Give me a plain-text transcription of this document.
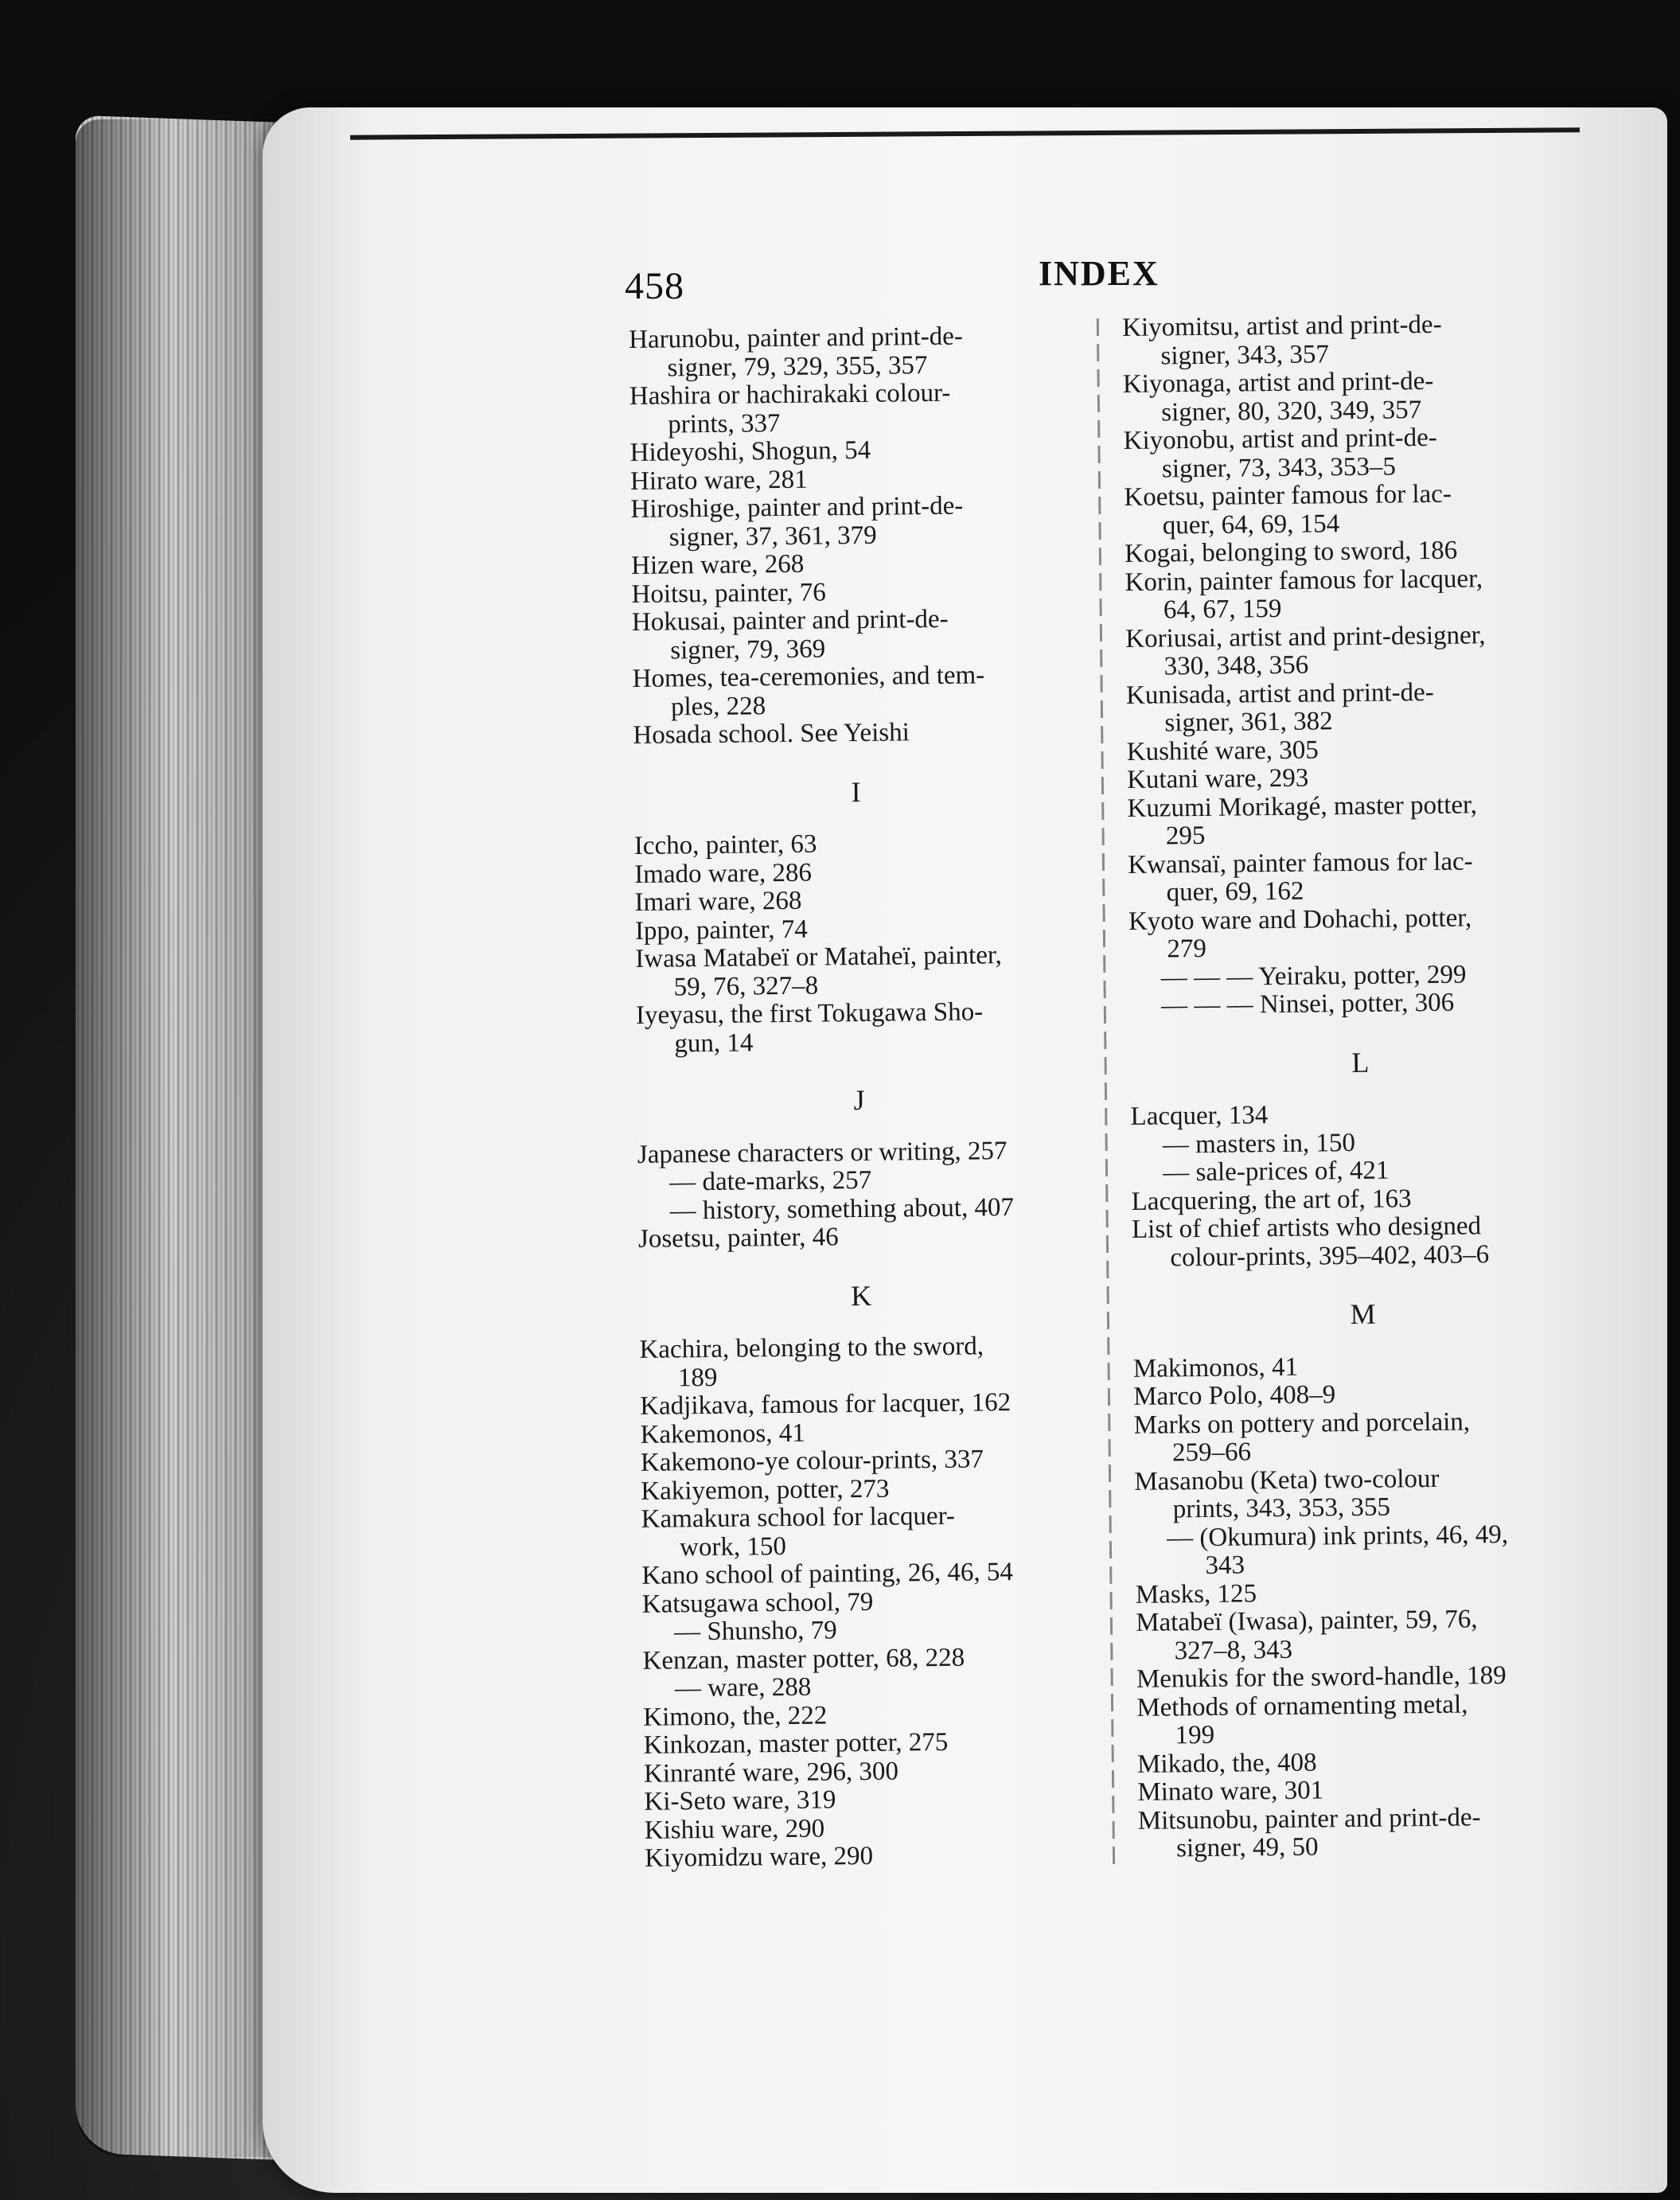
458	INDEX
Harunobu, painter and print-de-
signer, 79, 329, 355, 357
Hashira or hachirakaki colour-
prints, 337
Hideyoshi, Shogun, 54
Hirato ware, 281
Hiroshige, painter and print-de-
signer, 37, 361, 379
Hizen ware, 268
Hoitsu, painter, 76
Hokusai, painter and print-de-
signer, 79, 369
Homes, tea-ceremonies, and tem-
ples, 228
Hosada school. See Yeishi
I
Iccho, painter, 63
Imado ware, 286
Imari ware, 268
Ippo, painter, 74
Iwasa Matabeï or Mataheï, painter,
59, 76, 327–8
Iyeyasu, the first Tokugawa Sho-
gun, 14
J
Japanese characters or writing, 257
— date-marks, 257
— history, something about, 407
Josetsu, painter, 46
K
Kachira, belonging to the sword,
189
Kadjikava, famous for lacquer, 162
Kakemonos, 41
Kakemono-ye colour-prints, 337
Kakiyemon, potter, 273
Kamakura school for lacquer-
work, 150
Kano school of painting, 26, 46, 54
Katsugawa school, 79
— Shunsho, 79
Kenzan, master potter, 68, 228
— ware, 288
Kimono, the, 222
Kinkozan, master potter, 275
Kinranté ware, 296, 300
Ki-Seto ware, 319
Kishiu ware, 290
Kiyomidzu ware, 290
Kiyomitsu, artist and print-de-
signer, 343, 357
Kiyonaga, artist and print-de-
signer, 80, 320, 349, 357
Kiyonobu, artist and print-de-
signer, 73, 343, 353–5
Koetsu, painter famous for lac-
quer, 64, 69, 154
Kogai, belonging to sword, 186
Korin, painter famous for lacquer,
64, 67, 159
Koriusai, artist and print-designer,
330, 348, 356
Kunisada, artist and print-de-
signer, 361, 382
Kushité ware, 305
Kutani ware, 293
Kuzumi Morikagé, master potter,
295
Kwansaï, painter famous for lac-
quer, 69, 162
Kyoto ware and Dohachi, potter,
279
— — — Yeiraku, potter, 299
— — — Ninsei, potter, 306
L
Lacquer, 134
— masters in, 150
— sale-prices of, 421
Lacquering, the art of, 163
List of chief artists who designed
colour-prints, 395–402, 403–6
M
Makimonos, 41
Marco Polo, 408–9
Marks on pottery and porcelain,
259–66
Masanobu (Keta) two-colour
prints, 343, 353, 355
— (Okumura) ink prints, 46, 49,
343
Masks, 125
Matabeï (Iwasa), painter, 59, 76,
327–8, 343
Menukis for the sword-handle, 189
Methods of ornamenting metal,
199
Mikado, the, 408
Minato ware, 301
Mitsunobu, painter and print-de-
signer, 49, 50
